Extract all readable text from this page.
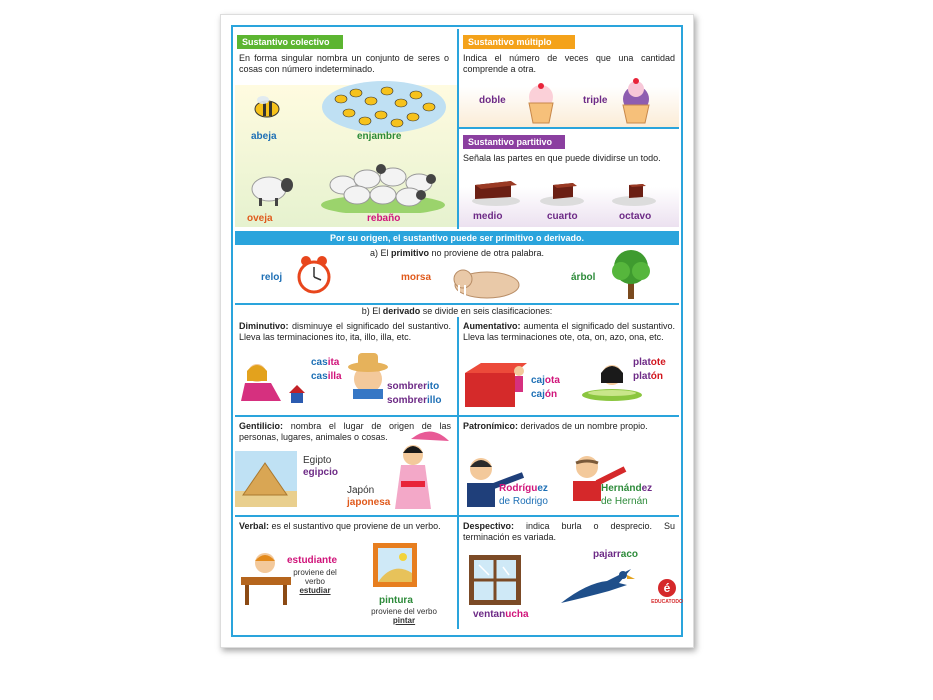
Sustantivo colectivo
En forma singular nombra un conjunto de seres o cosas con número indeterminado.
abeja	enjambre
oveja	rebaño
Sustantivo múltiplo
Indica el número de veces que una cantidad comprende a otra.
doble	triple
Sustantivo partitivo
Señala las partes en que puede dividirse un todo.
medio	cuarto	octavo
Por su origen, el sustantivo puede ser primitivo o derivado.
a) El primitivo no proviene de otra palabra.
reloj	morsa	árbol
b) El derivado se divide en seis clasificaciones:
Diminutivo: disminuye el significado del sustantivo. Lleva las terminaciones ito, ita, illo, illa, etc.
casita
casilla
sombrerito
sombrerillo
Aumentativo: aumenta el significado del sustantivo. Lleva las terminaciones ote, ota, on, azo, ona, etc.
cajota
cajón
platote
platón
Gentilicio: nombra el lugar de origen de las personas, lugares, animales o cosas.
Egipto
egipcio
Japón
japonesa
Patronímico: derivados de un nombre propio.
Rodríguez
de Rodrigo
Hernández
de Hernán
Verbal: es el sustantivo que proviene de un verbo.
estudiante
proviene del verbo
estudiar
pintura
proviene del verbo
pintar
Despectivo: indica burla o desprecio. Su terminación es variada.
ventanucha
pajarraco
é
EDUCATODO
